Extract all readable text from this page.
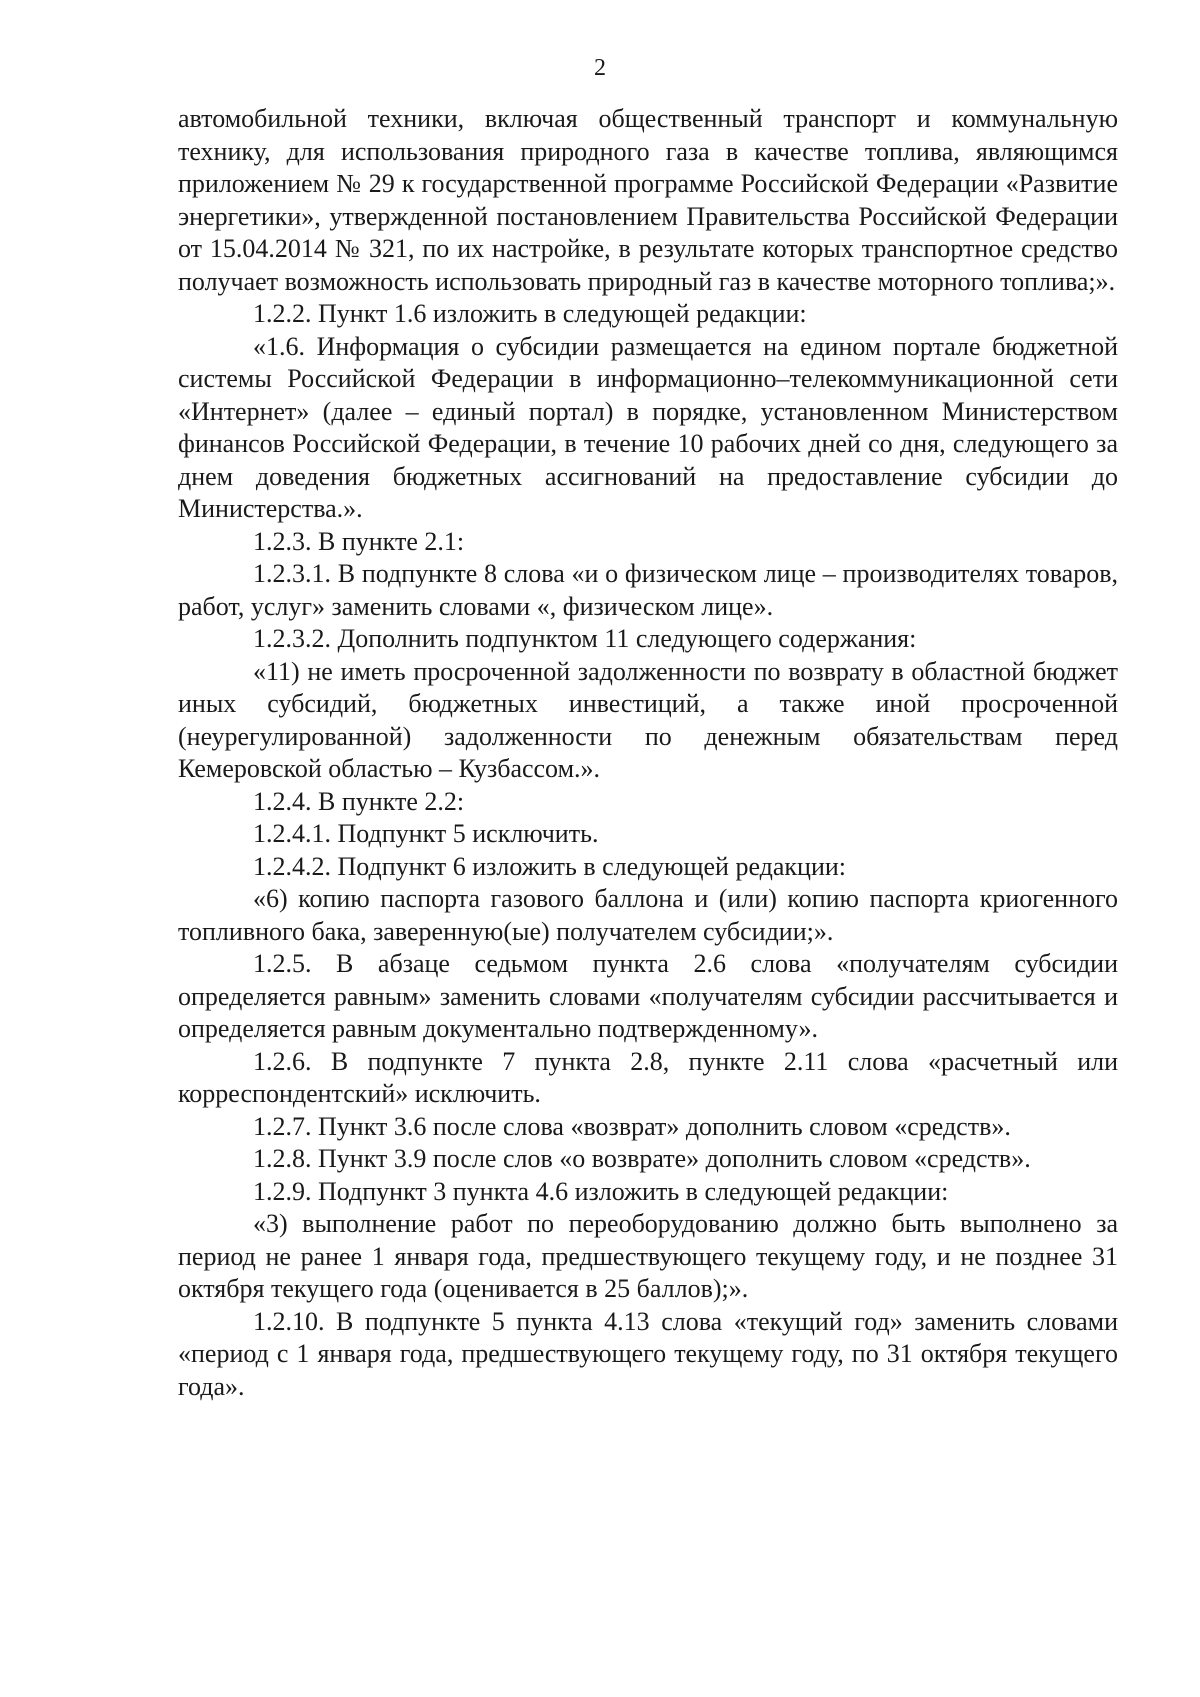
2

автомобильной техники, включая общественный транспорт и коммунальную технику, для использования природного газа в качестве топлива, являющимся приложением № 29 к государственной программе Российской Федерации «Развитие энергетики», утвержденной постановлением Правительства Российской Федерации от 15.04.2014 № 321, по их настройке, в результате которых транспортное средство получает возможность использовать природный газ в качестве моторного топлива;».

1.2.2. Пункт 1.6 изложить в следующей редакции:

«1.6. Информация о субсидии размещается на едином портале бюджетной системы Российской Федерации в информационно–телекоммуникационной сети «Интернет» (далее – единый портал) в порядке, установленном Министерством финансов Российской Федерации, в течение 10 рабочих дней со дня, следующего за днем доведения бюджетных ассигнований на предоставление субсидии до Министерства.».

1.2.3. В пункте 2.1:

1.2.3.1. В подпункте 8 слова «и о физическом лице – производителях товаров, работ, услуг» заменить словами «, физическом лице».

1.2.3.2. Дополнить подпунктом 11 следующего содержания:

«11) не иметь просроченной задолженности по возврату в областной бюджет иных субсидий, бюджетных инвестиций, а также иной просроченной (неурегулированной) задолженности по денежным обязательствам перед Кемеровской областью – Кузбассом.».

1.2.4. В пункте 2.2:

1.2.4.1. Подпункт 5 исключить.

1.2.4.2. Подпункт 6 изложить в следующей редакции:

«6) копию паспорта газового баллона и (или) копию паспорта криогенного топливного бака, заверенную(ые) получателем субсидии;».

1.2.5. В абзаце седьмом пункта 2.6 слова «получателям субсидии определяется равным» заменить словами «получателям субсидии рассчитывается и определяется равным документально подтвержденному».

1.2.6. В подпункте 7 пункта 2.8, пункте 2.11 слова «расчетный или корреспондентский» исключить.

1.2.7. Пункт 3.6 после слова «возврат» дополнить словом «средств».

1.2.8. Пункт 3.9 после слов «о возврате» дополнить словом «средств».

1.2.9. Подпункт 3 пункта 4.6 изложить в следующей редакции:

«3) выполнение работ по переоборудованию должно быть выполнено за период не ранее 1 января года, предшествующего текущему году, и не позднее 31 октября текущего года (оценивается в 25 баллов);».

1.2.10. В подпункте 5 пункта 4.13 слова «текущий год» заменить словами «период с 1 января года, предшествующего текущему году, по 31 октября текущего года».
